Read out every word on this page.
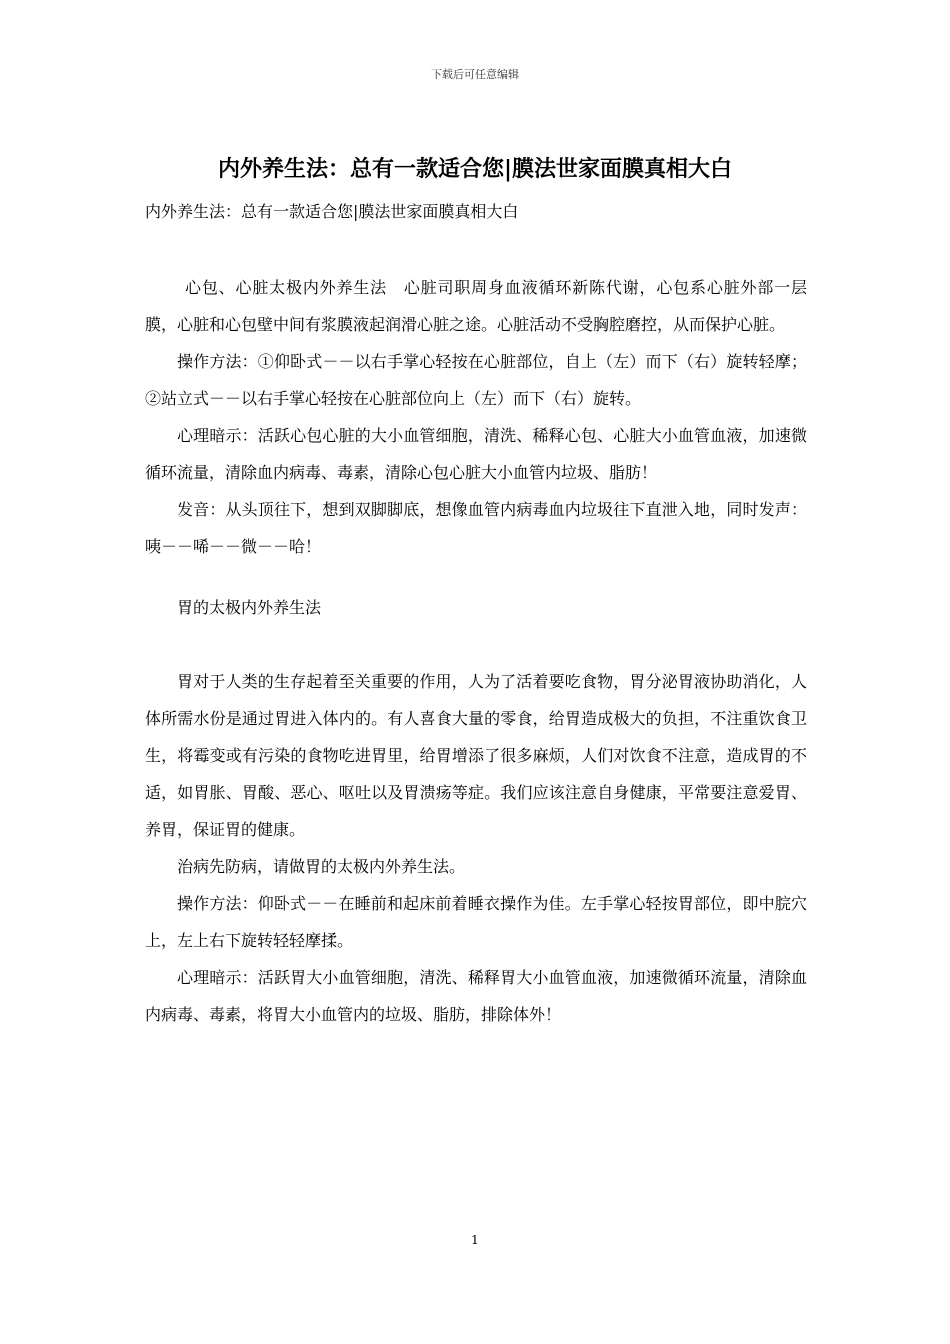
下载后可任意编辑
内外养生法：总有一款适合您|膜法世家面膜真相大白

内外养生法：总有一款适合您|膜法世家面膜真相大白

心包、心脏太极内外养生法　心脏司职周身血液循环新陈代谢，心包系心脏外部一层膜，心脏和心包壁中间有浆膜液起润滑心脏之途。心脏活动不受胸腔磨控，从而保护心脏。

操作方法：①仰卧式－－以右手掌心轻按在心脏部位，自上（左）而下（右）旋转轻摩；②站立式－－以右手掌心轻按在心脏部位向上（左）而下（右）旋转。

心理暗示：活跃心包心脏的大小血管细胞，清洗、稀释心包、心脏大小血管血液，加速微循环流量，清除血内病毒、毒素，清除心包心脏大小血管内垃圾、脂肪！

发音：从头顶往下，想到双脚脚底，想像血管内病毒血内垃圾往下直泄入地，同时发声：咦－－唏－－微－－哈！

胃的太极内外养生法

胃对于人类的生存起着至关重要的作用，人为了活着要吃食物，胃分泌胃液协助消化，人体所需水份是通过胃进入体内的。有人喜食大量的零食，给胃造成极大的负担，不注重饮食卫生，将霉变或有污染的食物吃进胃里，给胃增添了很多麻烦，人们对饮食不注意，造成胃的不适，如胃胀、胃酸、恶心、呕吐以及胃溃疡等症。我们应该注意自身健康，平常要注意爱胃、养胃，保证胃的健康。

治病先防病，请做胃的太极内外养生法。

操作方法：仰卧式－－在睡前和起床前着睡衣操作为佳。左手掌心轻按胃部位，即中脘穴上，左上右下旋转轻轻摩揉。

心理暗示：活跃胃大小血管细胞，清洗、稀释胃大小血管血液，加速微循环流量，清除血内病毒、毒素，将胃大小血管内的垃圾、脂肪，排除体外！

1
